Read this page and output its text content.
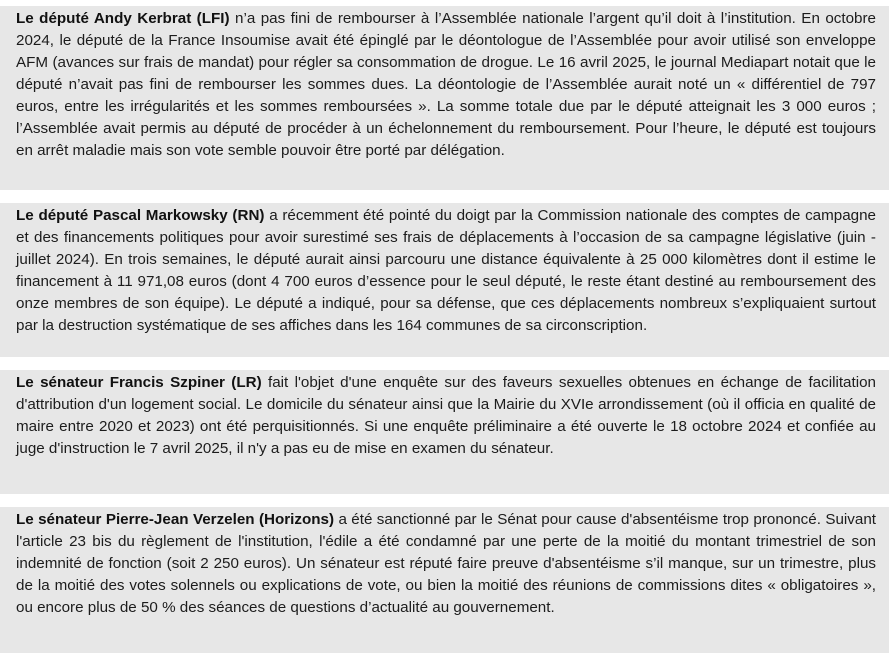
Le député Andy Kerbrat (LFI) n’a pas fini de rembourser à l’Assemblée nationale l’argent qu’il doit à l’institution. En octobre 2024, le député de la France Insoumise avait été épinglé par le déontologue de l’Assemblée pour avoir utilisé son enveloppe AFM (avances sur frais de mandat) pour régler sa consommation de drogue. Le 16 avril 2025, le journal Mediapart notait que le député n’avait pas fini de rembourser les sommes dues. La déontologie de l’Assemblée aurait noté un « différentiel de 797 euros, entre les irrégularités et les sommes remboursées ». La somme totale due par le député atteignait les 3 000 euros ; l’Assemblée avait permis au député de procéder à un échelonnement du remboursement. Pour l’heure, le député est toujours en arrêt maladie mais son vote semble pouvoir être porté par délégation.

Le député Pascal Markowsky (RN) a récemment été pointé du doigt par la Commission nationale des comptes de campagne et des financements politiques pour avoir surestimé ses frais de déplacements à l’occasion de sa campagne législative (juin - juillet 2024). En trois semaines, le député aurait ainsi parcouru une distance équivalente à 25 000 kilomètres dont il estime le financement à 11 971,08 euros (dont 4 700 euros d’essence pour le seul député, le reste étant destiné au remboursement des onze membres de son équipe). Le député a indiqué, pour sa défense, que ces déplacements nombreux s’expliquaient surtout par la destruction systématique de ses affiches dans les 164 communes de sa circonscription.

Le sénateur Francis Szpiner (LR) fait l'objet d'une enquête sur des faveurs sexuelles obtenues en échange de facilitation d'attribution d'un logement social. Le domicile du sénateur ainsi que la Mairie du XVIe arrondissement (où il officia en qualité de maire entre 2020 et 2023) ont été perquisitionnés. Si une enquête préliminaire a été ouverte le 18 octobre 2024 et confiée au juge d'instruction le 7 avril 2025, il n'y a pas eu de mise en examen du sénateur.

Le sénateur Pierre-Jean Verzelen (Horizons) a été sanctionné par le Sénat pour cause d'absentéisme trop prononcé. Suivant l'article 23 bis du règlement de l'institution, l'édile a été condamné par une perte de la moitié du montant trimestriel de son indemnité de fonction (soit 2 250 euros). Un sénateur est réputé faire preuve d'absentéisme s’il manque, sur un trimestre, plus de la moitié des votes solennels ou explications de vote, ou bien la moitié des réunions de commissions dites « obligatoires », ou encore plus de 50 % des séances de questions d’actualité au gouvernement.
